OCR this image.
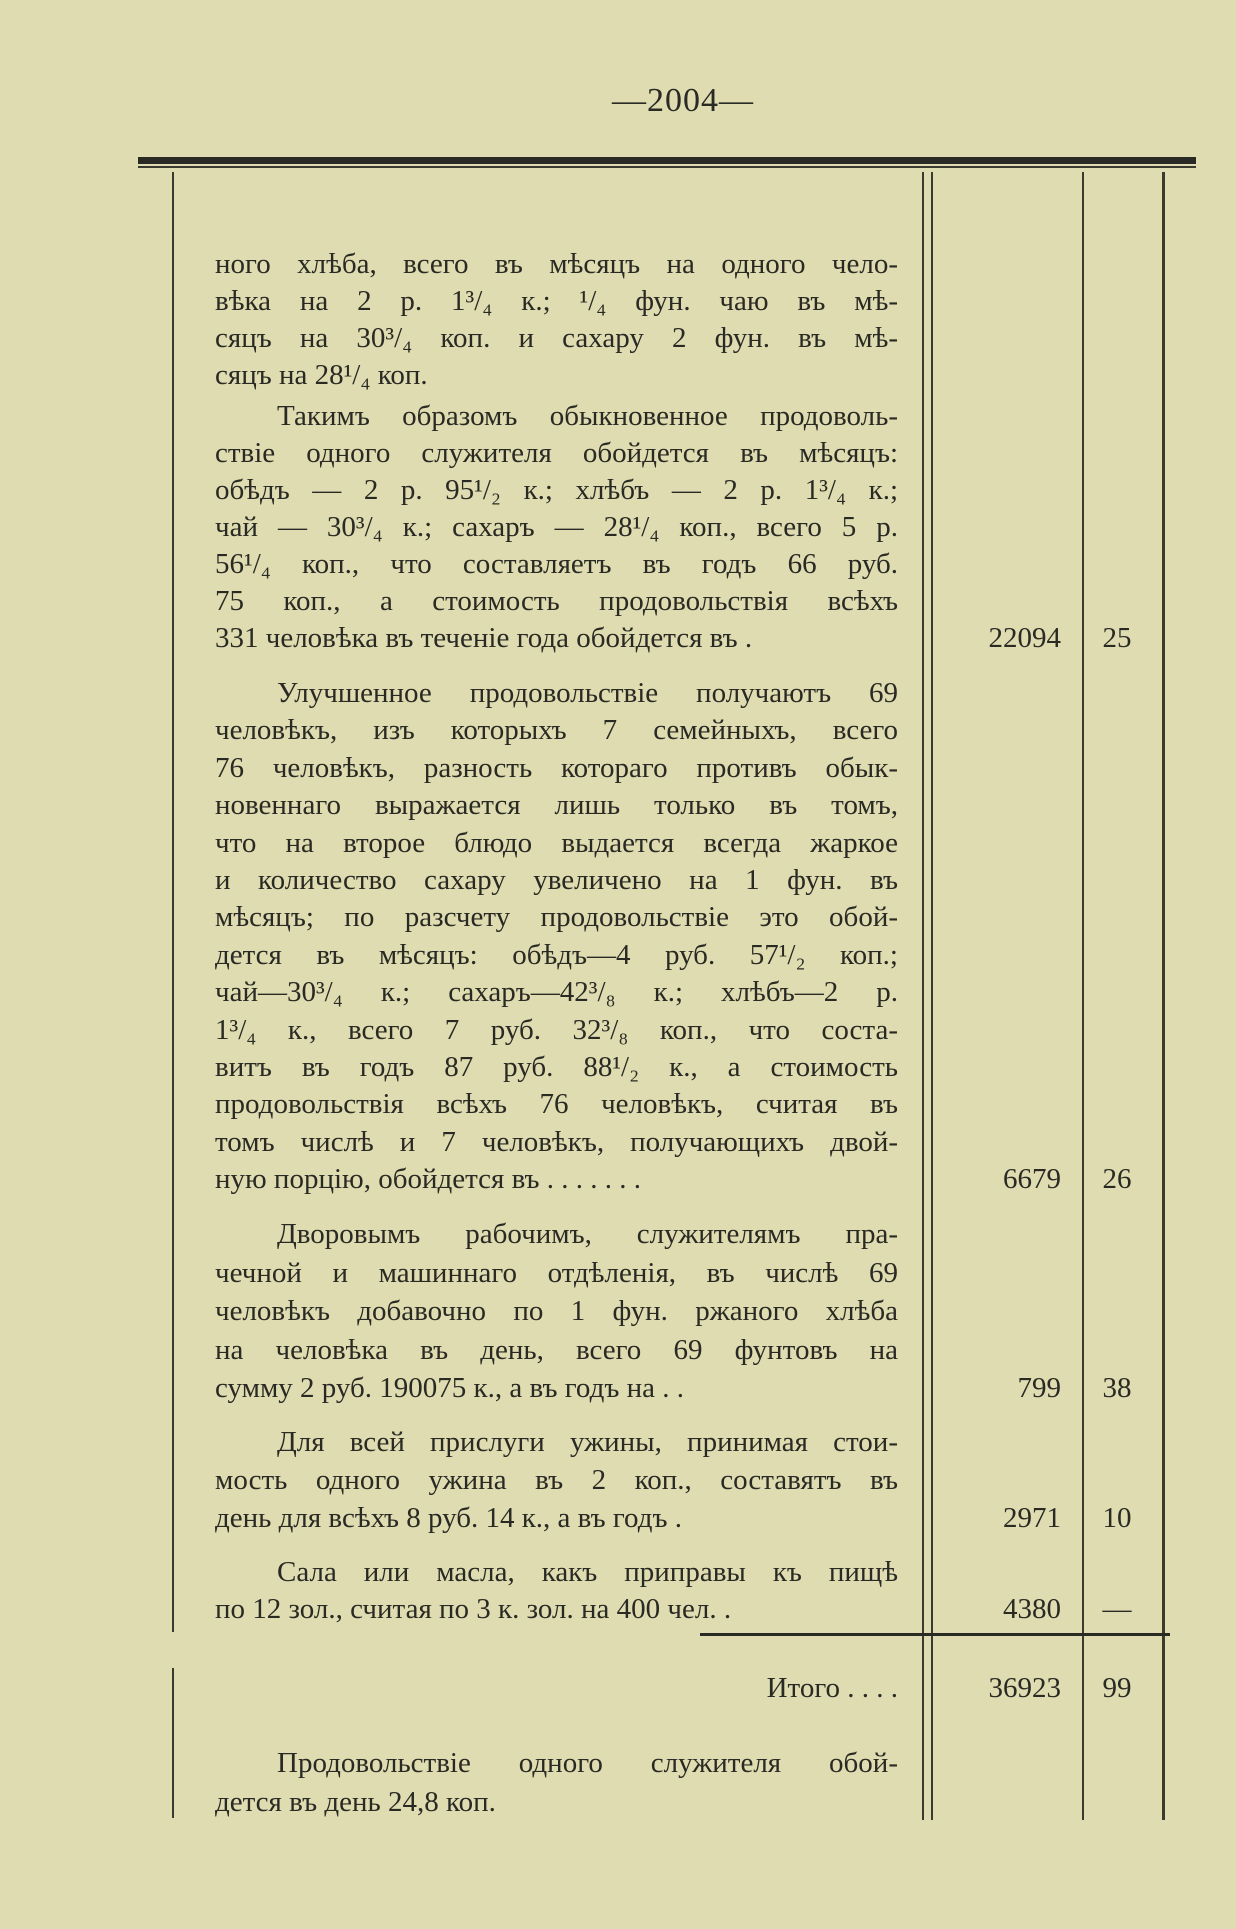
—2004—
ного хлѣба, всего въ мѣсяцъ на одного чело-
вѣка на 2 р. 1³/₄ к.; ¹/₄ фун. чаю въ мѣ-
сяцъ на 30³/₄ коп. и сахару 2 фун. въ мѣ-
сяцъ на 28¹/₄ коп.
Такимъ образомъ обыкновенное продоволь-
ствіе одного служителя обойдется въ мѣсяцъ:
обѣдъ — 2 р. 95¹/₂ к.; хлѣбъ — 2 р. 1³/₄ к.;
чай — 30³/₄ к.; сахаръ — 28¹/₄ коп., всего 5 р.
56¹/₄ коп., что составляетъ въ годъ 66 руб.
75 коп., а стоимость продовольствія всѣхъ
331 человѣка въ теченіе года обойдется въ .	22094	25
Улучшенное продовольствіе получаютъ 69
человѣкъ, изъ которыхъ 7 семейныхъ, всего
76 человѣкъ, разность котораго противъ обык-
новеннаго выражается лишь только въ томъ,
что на второе блюдо выдается всегда жаркое
и количество сахару увеличено на 1 фун. въ
мѣсяцъ; по разсчету продовольствіе это обой-
дется въ мѣсяцъ: обѣдъ—4 руб. 57¹/₂ коп.;
чай—30³/₄ к.; сахаръ—42³/₈ к.; хлѣбъ—2 р.
1³/₄ к., всего 7 руб. 32³/₈ коп., что соста-
витъ въ годъ 87 руб. 88¹/₂ к., а стоимость
продовольствія всѣхъ 76 человѣкъ, считая въ
томъ числѣ и 7 человѣкъ, получающихъ двой-
ную порцію, обойдется въ . . . . . . .	6679	26
Дворовымъ рабочимъ, служителямъ пра-
чечной и машиннаго отдѣленія, въ числѣ 69
человѣкъ добавочно по 1 фун. ржаного хлѣба
на человѣка въ день, всего 69 фунтовъ на
сумму 2 руб. 190075 к., а въ годъ на . .	799	38
Для всей прислуги ужины, принимая стои-
мость одного ужина въ 2 коп., составятъ въ
день для всѣхъ 8 руб. 14 к., а въ годъ .	2971	10
Сала или масла, какъ приправы къ пищѣ
по 12 зол., считая по 3 к. зол. на 400 чел. .	4380	—
Итого . . . .	36923	99
Продовольствіе одного служителя обой-
дется въ день 24,8 коп.
